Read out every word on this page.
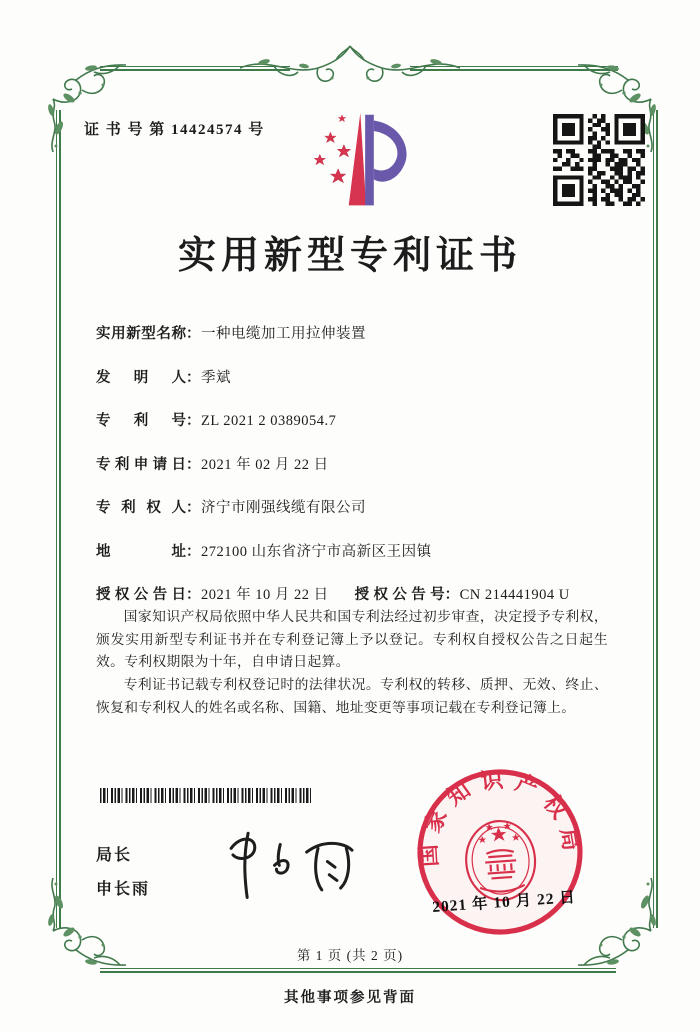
证 书 号 第 14424574 号
实用新型专利证书
实用新型名称：一种电缆加工用拉伸装置
发明人：季斌
专利号：ZL 2021 2 0389054.7
专利申请日：2021 年 02 月 22 日
专利权人：济宁市刚强线缆有限公司
地址：272100 山东省济宁市高新区王因镇
授权公告日：2021 年 10 月 22 日 授权公告号：CN 214441904 U

国家知识产权局依照中华人民共和国专利法经过初步审查，决定授予专利权，颁发实用新型专利证书并在专利登记簿上予以登记。专利权自授权公告之日起生效。专利权期限为十年，自申请日起算。

专利证书记载专利权登记时的法律状况。专利权的转移、质押、无效、终止、恢复和专利权人的姓名或名称、国籍、地址变更等事项记载在专利登记簿上。

局长
申长雨
国家知识产权局
2021 年 10 月 22 日
第 1 页 (共 2 页)
其他事项参见背面
